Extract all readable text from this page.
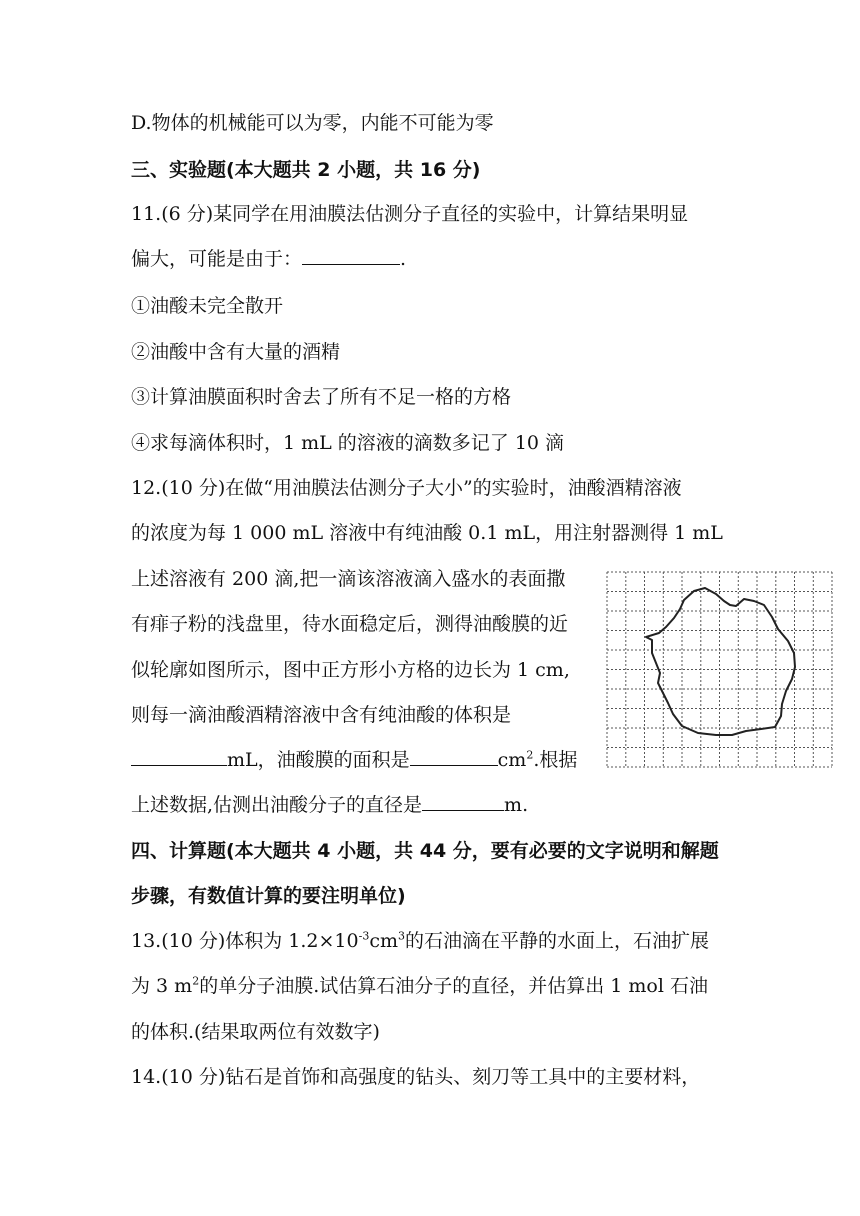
D.物体的机械能可以为零，内能不可能为零
三、实验题(本大题共 2 小题，共 16 分)
11.(6 分)某同学在用油膜法估测分子直径的实验中，计算结果明显
偏大，可能是由于：	.
①油酸未完全散开
②油酸中含有大量的酒精
③计算油膜面积时舍去了所有不足一格的方格
④求每滴体积时，1 mL 的溶液的滴数多记了 10 滴
12.(10 分)在做“用油膜法估测分子大小”的实验时，油酸酒精溶液
的浓度为每 1 000 mL 溶液中有纯油酸 0.1 mL，用注射器测得 1 mL
上述溶液有 200 滴,把一滴该溶液滴入盛水的表面撒
有痱子粉的浅盘里，待水面稳定后，测得油酸膜的近
似轮廓如图所示，图中正方形小方格的边长为 1 cm,
则每一滴油酸酒精溶液中含有纯油酸的体积是
mL，油酸膜的面积是	$cm^2$.根据
上述数据,估测出油酸分子的直径是	m.
四、计算题(本大题共 4 小题，共 44 分，要有必要的文字说明和解题
步骤，有数值计算的要注明单位)
13.(10 分)体积为 $1.2\times 10^{-3}cm^3$的石油滴在平静的水面上，石油扩展
为 3 $m^2$的单分子油膜.试估算石油分子的直径，并估算出 1 mol 石油
的体积.(结果取两位有效数字)
14.(10 分)钻石是首饰和高强度的钻头、刻刀等工具中的主要材料，
